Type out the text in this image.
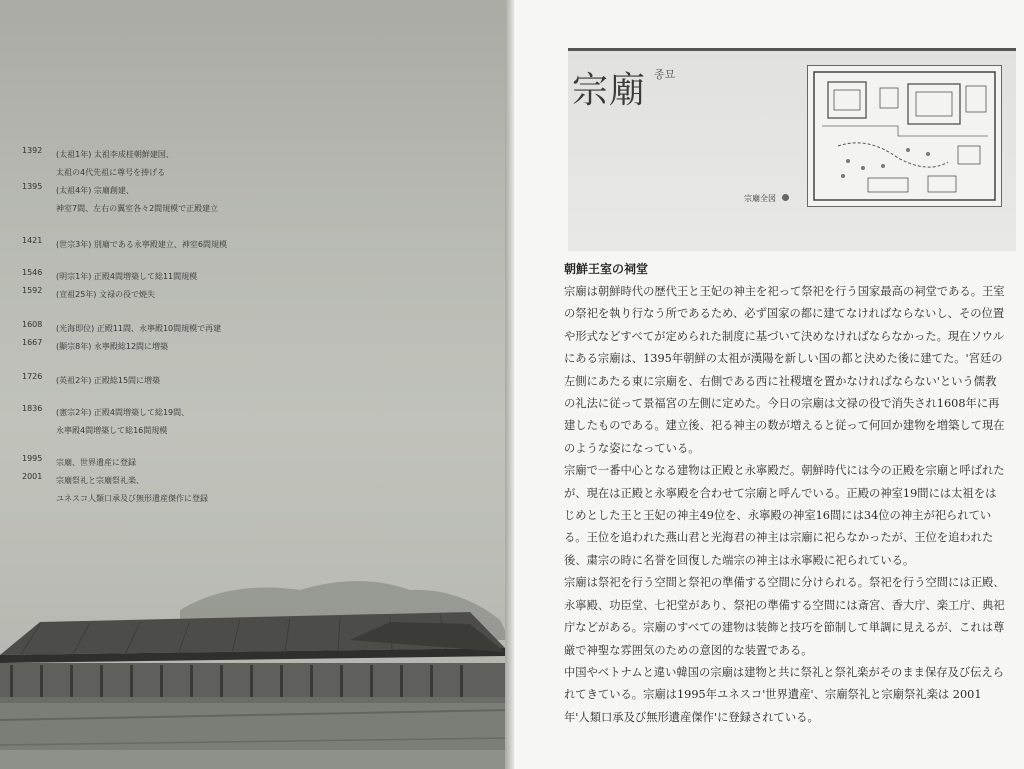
1392	(太祖1年) 太祖李成桂朝鮮建国、
太祖の4代先祖に尊号を捧げる
1395	(太祖4年) 宗廟創建、
神室7間、左右の翼室各々2間規模で正殿建立
1421	(世宗3年) 別廟である永寧殿建立、神室6間規模
1546	(明宗1年) 正殿4間増築して総11間規模
1592	(宣祖25年) 文禄の役で焼失
1608	(光海即位) 正殿11間、永寧殿10間規模で再建
1667	(顯宗8年) 永寧殿総12間に増築
1726	(英祖2年) 正殿総15間に増築
1836	(憲宗2年) 正殿4間増築して総19間、
永寧殿4間増築して総16間規模
1995	宗廟、世界遺産に登録
2001	宗廟祭礼と宗廟祭礼楽、
ユネスコ人類口承及び無形遺産傑作に登録
宗廟 종묘
宗廟全図
朝鮮王室の祠堂

宗廟は朝鮮時代の歴代王と王妃の神主を祀って祭祀を行う国家最高の祠堂である。王室の祭祀を執り行なう所であるため、必ず国家の都に建てなければならないし、その位置や形式などすべてが定められた制度に基づいて決めなければならなかった。現在ソウルにある宗廟は、1395年朝鮮の太祖が漢陽を新しい国の都と決めた後に建てた。'宮廷の左側にあたる東に宗廟を、右側である西に社稷壇を置かなければならない'という儒教の礼法に従って景福宮の左側に定めた。今日の宗廟は文禄の役で消失され1608年に再建したものである。建立後、祀る神主の数が増えると従って何回か建物を増築して現在のような姿になっている。

宗廟で一番中心となる建物は正殿と永寧殿だ。朝鮮時代には今の正殿を宗廟と呼ばれたが、現在は正殿と永寧殿を合わせて宗廟と呼んでいる。正殿の神室19間には太祖をはじめとした王と王妃の神主49位を、永寧殿の神室16間には34位の神主が祀られている。王位を追われた燕山君と光海君の神主は宗廟に祀らなかったが、王位を追われた後、粛宗の時に名誉を回復した端宗の神主は永寧殿に祀られている。

宗廟は祭祀を行う空間と祭祀の準備する空間に分けられる。祭祀を行う空間には正殿、永寧殿、功臣堂、七祀堂があり、祭祀の準備する空間には斎宮、香大庁、楽工庁、典祀庁などがある。宗廟のすべての建物は装飾と技巧を節制して単調に見えるが、これは尊厳で神聖な雰囲気のための意図的な装置である。

中国やベトナムと違い韓国の宗廟は建物と共に祭礼と祭礼楽がそのまま保存及び伝えられてきている。宗廟は1995年ユネスコ'世界遺産'、宗廟祭礼と宗廟祭礼楽は 2001年'人類口承及び無形遺産傑作'に登録されている。
